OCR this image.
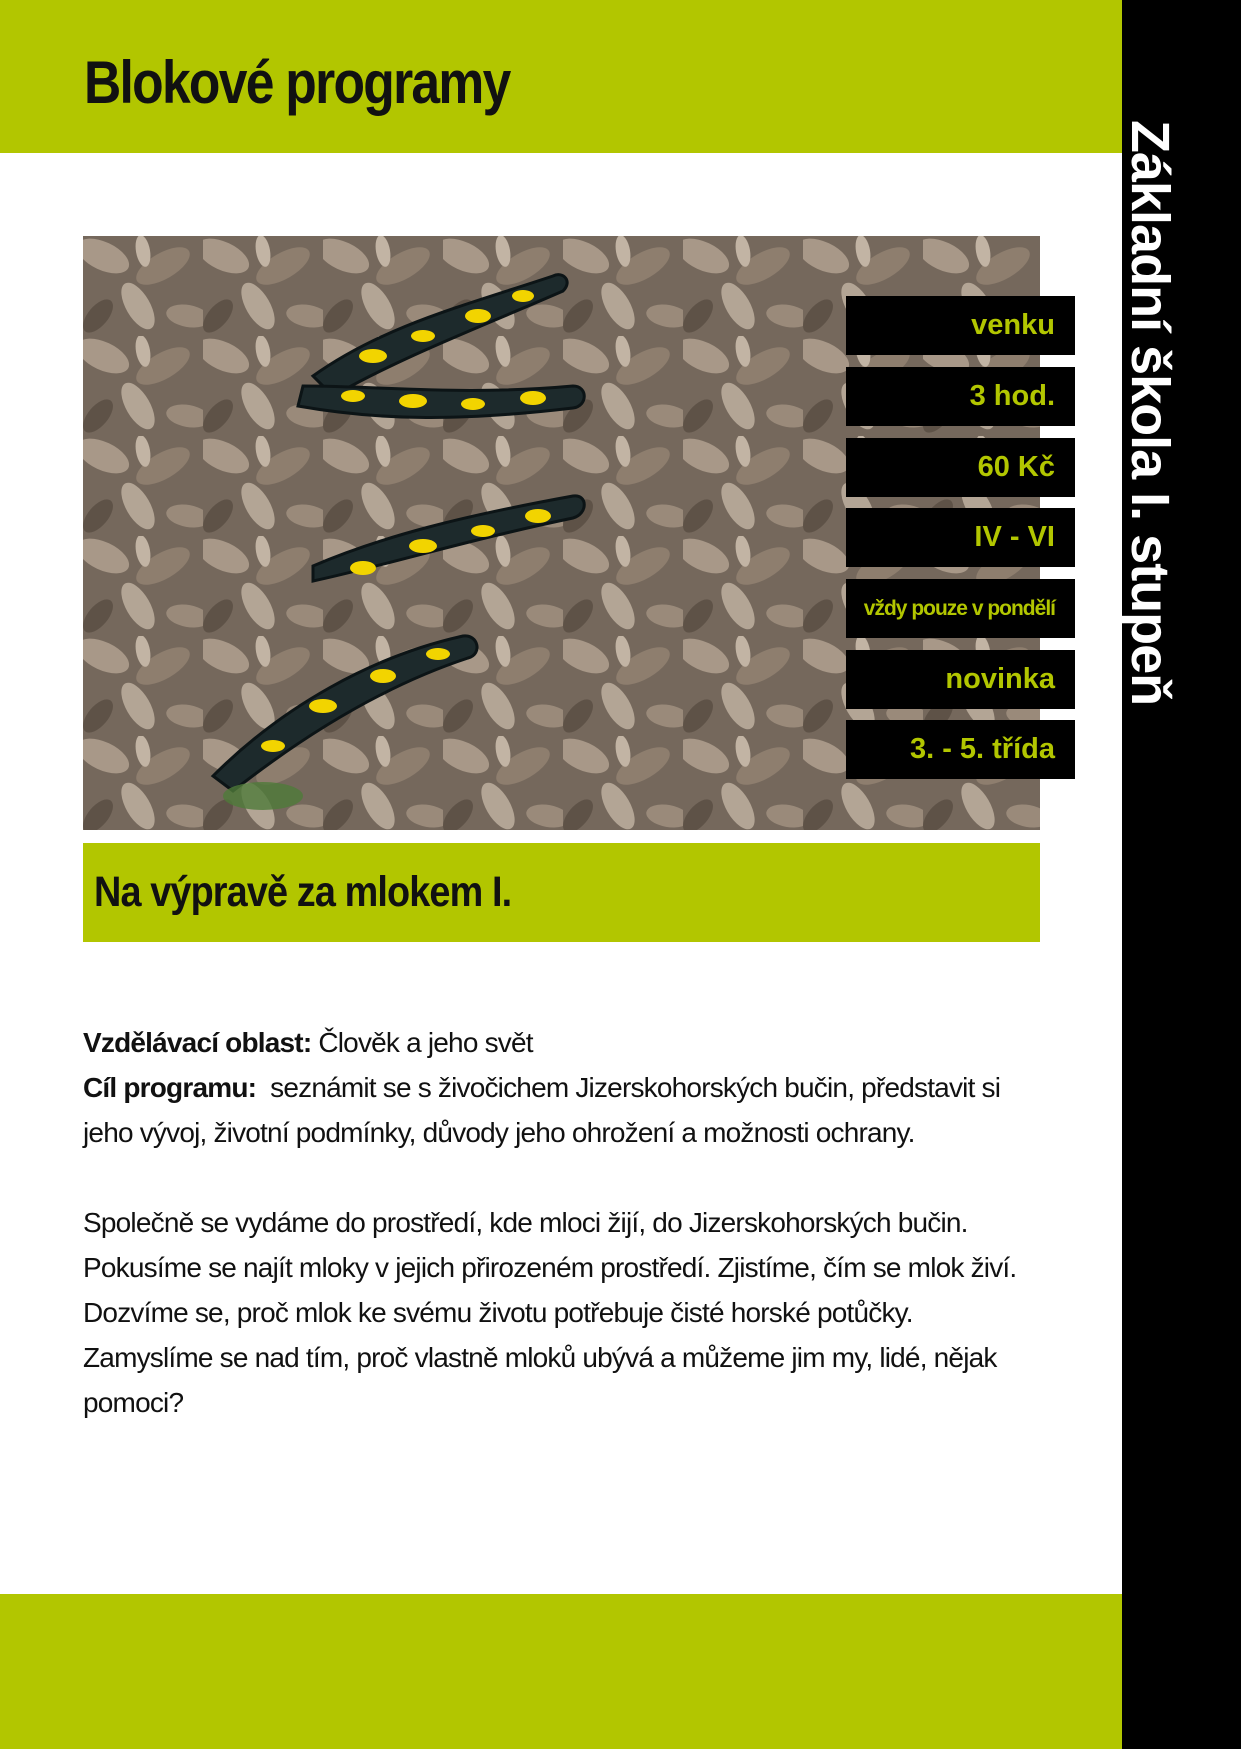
Blokové programy
Základní škola I. stupeň
venku
3 hod.
60 Kč
IV - VI
vždy pouze v pondělí
novinka
3. - 5. třída
Na výpravě za mlokem I.

Vzdělávací oblast: Člověk a jeho svět

Cíl programu: seznámit se s živočichem Jizerskohorských bučin, představit si jeho vývoj, životní podmínky, důvody jeho ohrožení a možnosti ochrany.

Společně se vydáme do prostředí, kde mloci žijí, do Jizerskohorských bučin. Pokusíme se najít mloky v jejich přirozeném prostředí. Zjistíme, čím se mlok živí. Dozvíme se, proč mlok ke svému životu potřebuje čisté horské potůčky. Zamyslíme se nad tím, proč vlastně mloků ubývá a můžeme jim my, lidé, nějak pomoci?
